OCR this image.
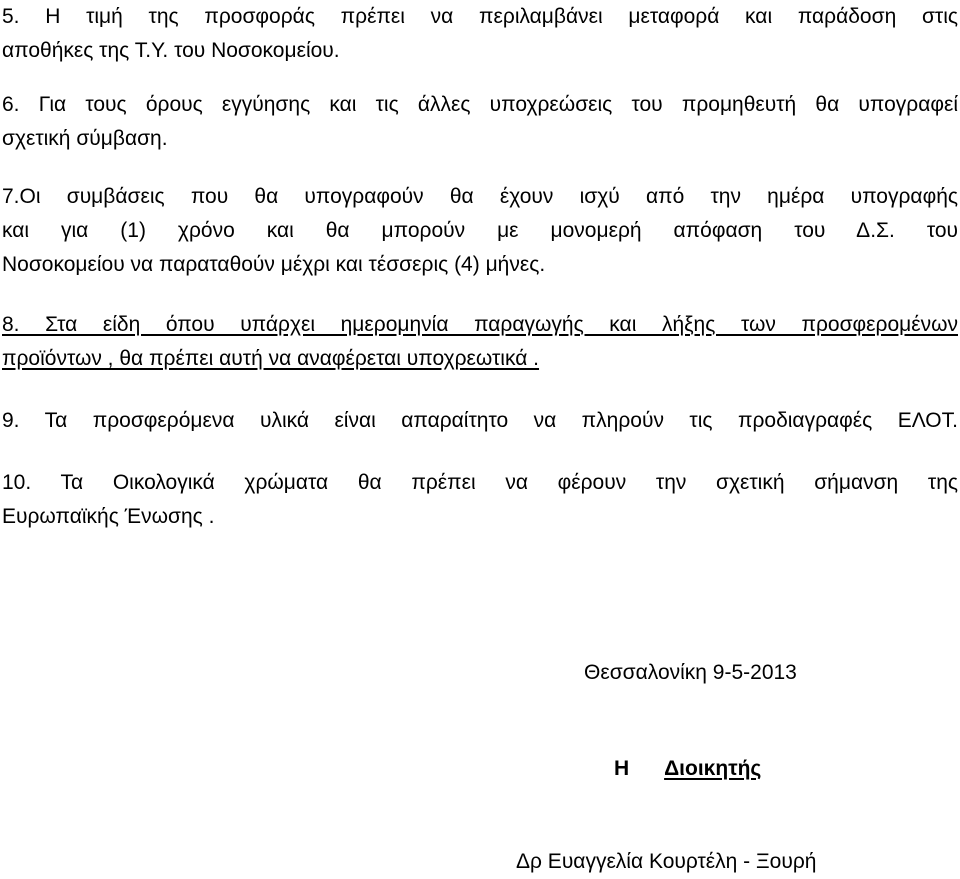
5. Η τιμή της προσφοράς πρέπει να περιλαμβάνει μεταφορά και παράδοση στις
αποθήκες της Τ.Υ. του Νοσοκομείου.

6. Για τους όρους εγγύησης και τις άλλες υποχρεώσεις του προμηθευτή θα υπογραφεί
σχετική σύμβαση.

7.Οι συμβάσεις που θα υπογραφούν θα έχουν ισχύ από την ημέρα υπογραφής
και για (1) χρόνο και θα μπορούν με μονομερή απόφαση του Δ.Σ. του
Νοσοκομείου να παραταθούν μέχρι και τέσσερις (4) μήνες.

8. Στα είδη όπου υπάρχει ημερομηνία παραγωγής και λήξης των προσφερομένων
προϊόντων , θα πρέπει αυτή να αναφέρεται υποχρεωτικά .

9. Τα προσφερόμενα υλικά είναι απαραίτητο να πληρούν τις προδιαγραφές ΕΛΟΤ.

10. Τα Οικολογικά χρώματα θα πρέπει να φέρουν την σχετική σήμανση της
Ευρωπαϊκής Ένωσης .

Θεσσαλονίκη 9-5-2013
Η Διοικητής
Δρ Ευαγγελία Κουρτέλη - Ξουρή
